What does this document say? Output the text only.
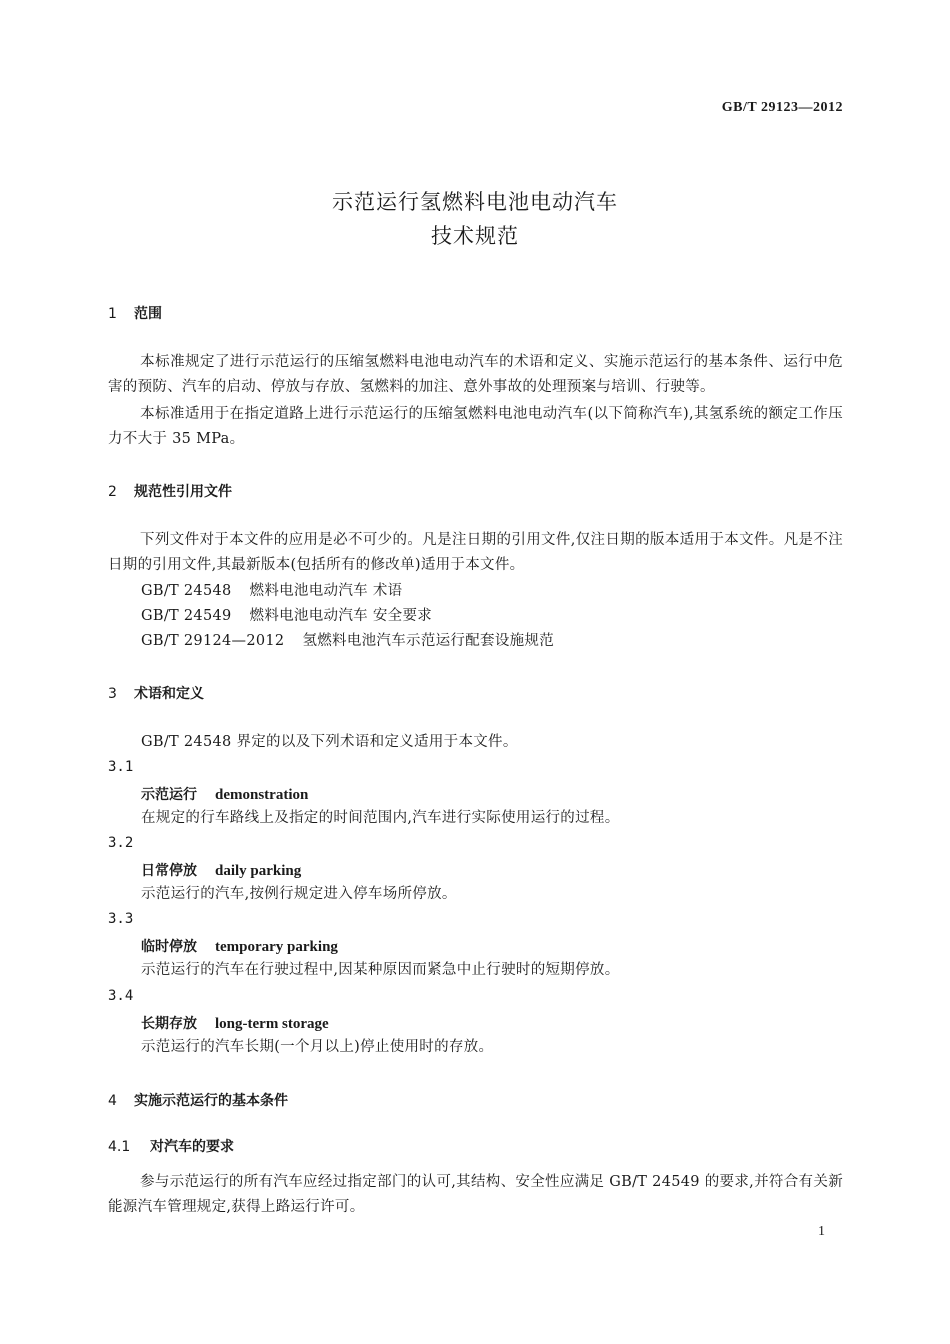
GB/T 29123—2012
示范运行氢燃料电池电动汽车
技术规范
1 范围
本标准规定了进行示范运行的压缩氢燃料电池电动汽车的术语和定义、实施示范运行的基本条件、运行中危害的预防、汽车的启动、停放与存放、氢燃料的加注、意外事故的处理预案与培训、行驶等。
本标准适用于在指定道路上进行示范运行的压缩氢燃料电池电动汽车(以下简称汽车),其氢系统的额定工作压力不大于 35 MPa。
2 规范性引用文件
下列文件对于本文件的应用是必不可少的。凡是注日期的引用文件,仅注日期的版本适用于本文件。凡是不注日期的引用文件,其最新版本(包括所有的修改单)适用于本文件。
GB/T 24548 燃料电池电动汽车 术语
GB/T 24549 燃料电池电动汽车 安全要求
GB/T 29124—2012 氢燃料电池汽车示范运行配套设施规范
3 术语和定义
GB/T 24548 界定的以及下列术语和定义适用于本文件。
3.1
示范运行 demonstration
在规定的行车路线上及指定的时间范围内,汽车进行实际使用运行的过程。
3.2
日常停放 daily parking
示范运行的汽车,按例行规定进入停车场所停放。
3.3
临时停放 temporary parking
示范运行的汽车在行驶过程中,因某种原因而紧急中止行驶时的短期停放。
3.4
长期存放 long-term storage
示范运行的汽车长期(一个月以上)停止使用时的存放。
4 实施示范运行的基本条件
4.1 对汽车的要求
参与示范运行的所有汽车应经过指定部门的认可,其结构、安全性应满足 GB/T 24549 的要求,并符合有关新能源汽车管理规定,获得上路运行许可。
1
